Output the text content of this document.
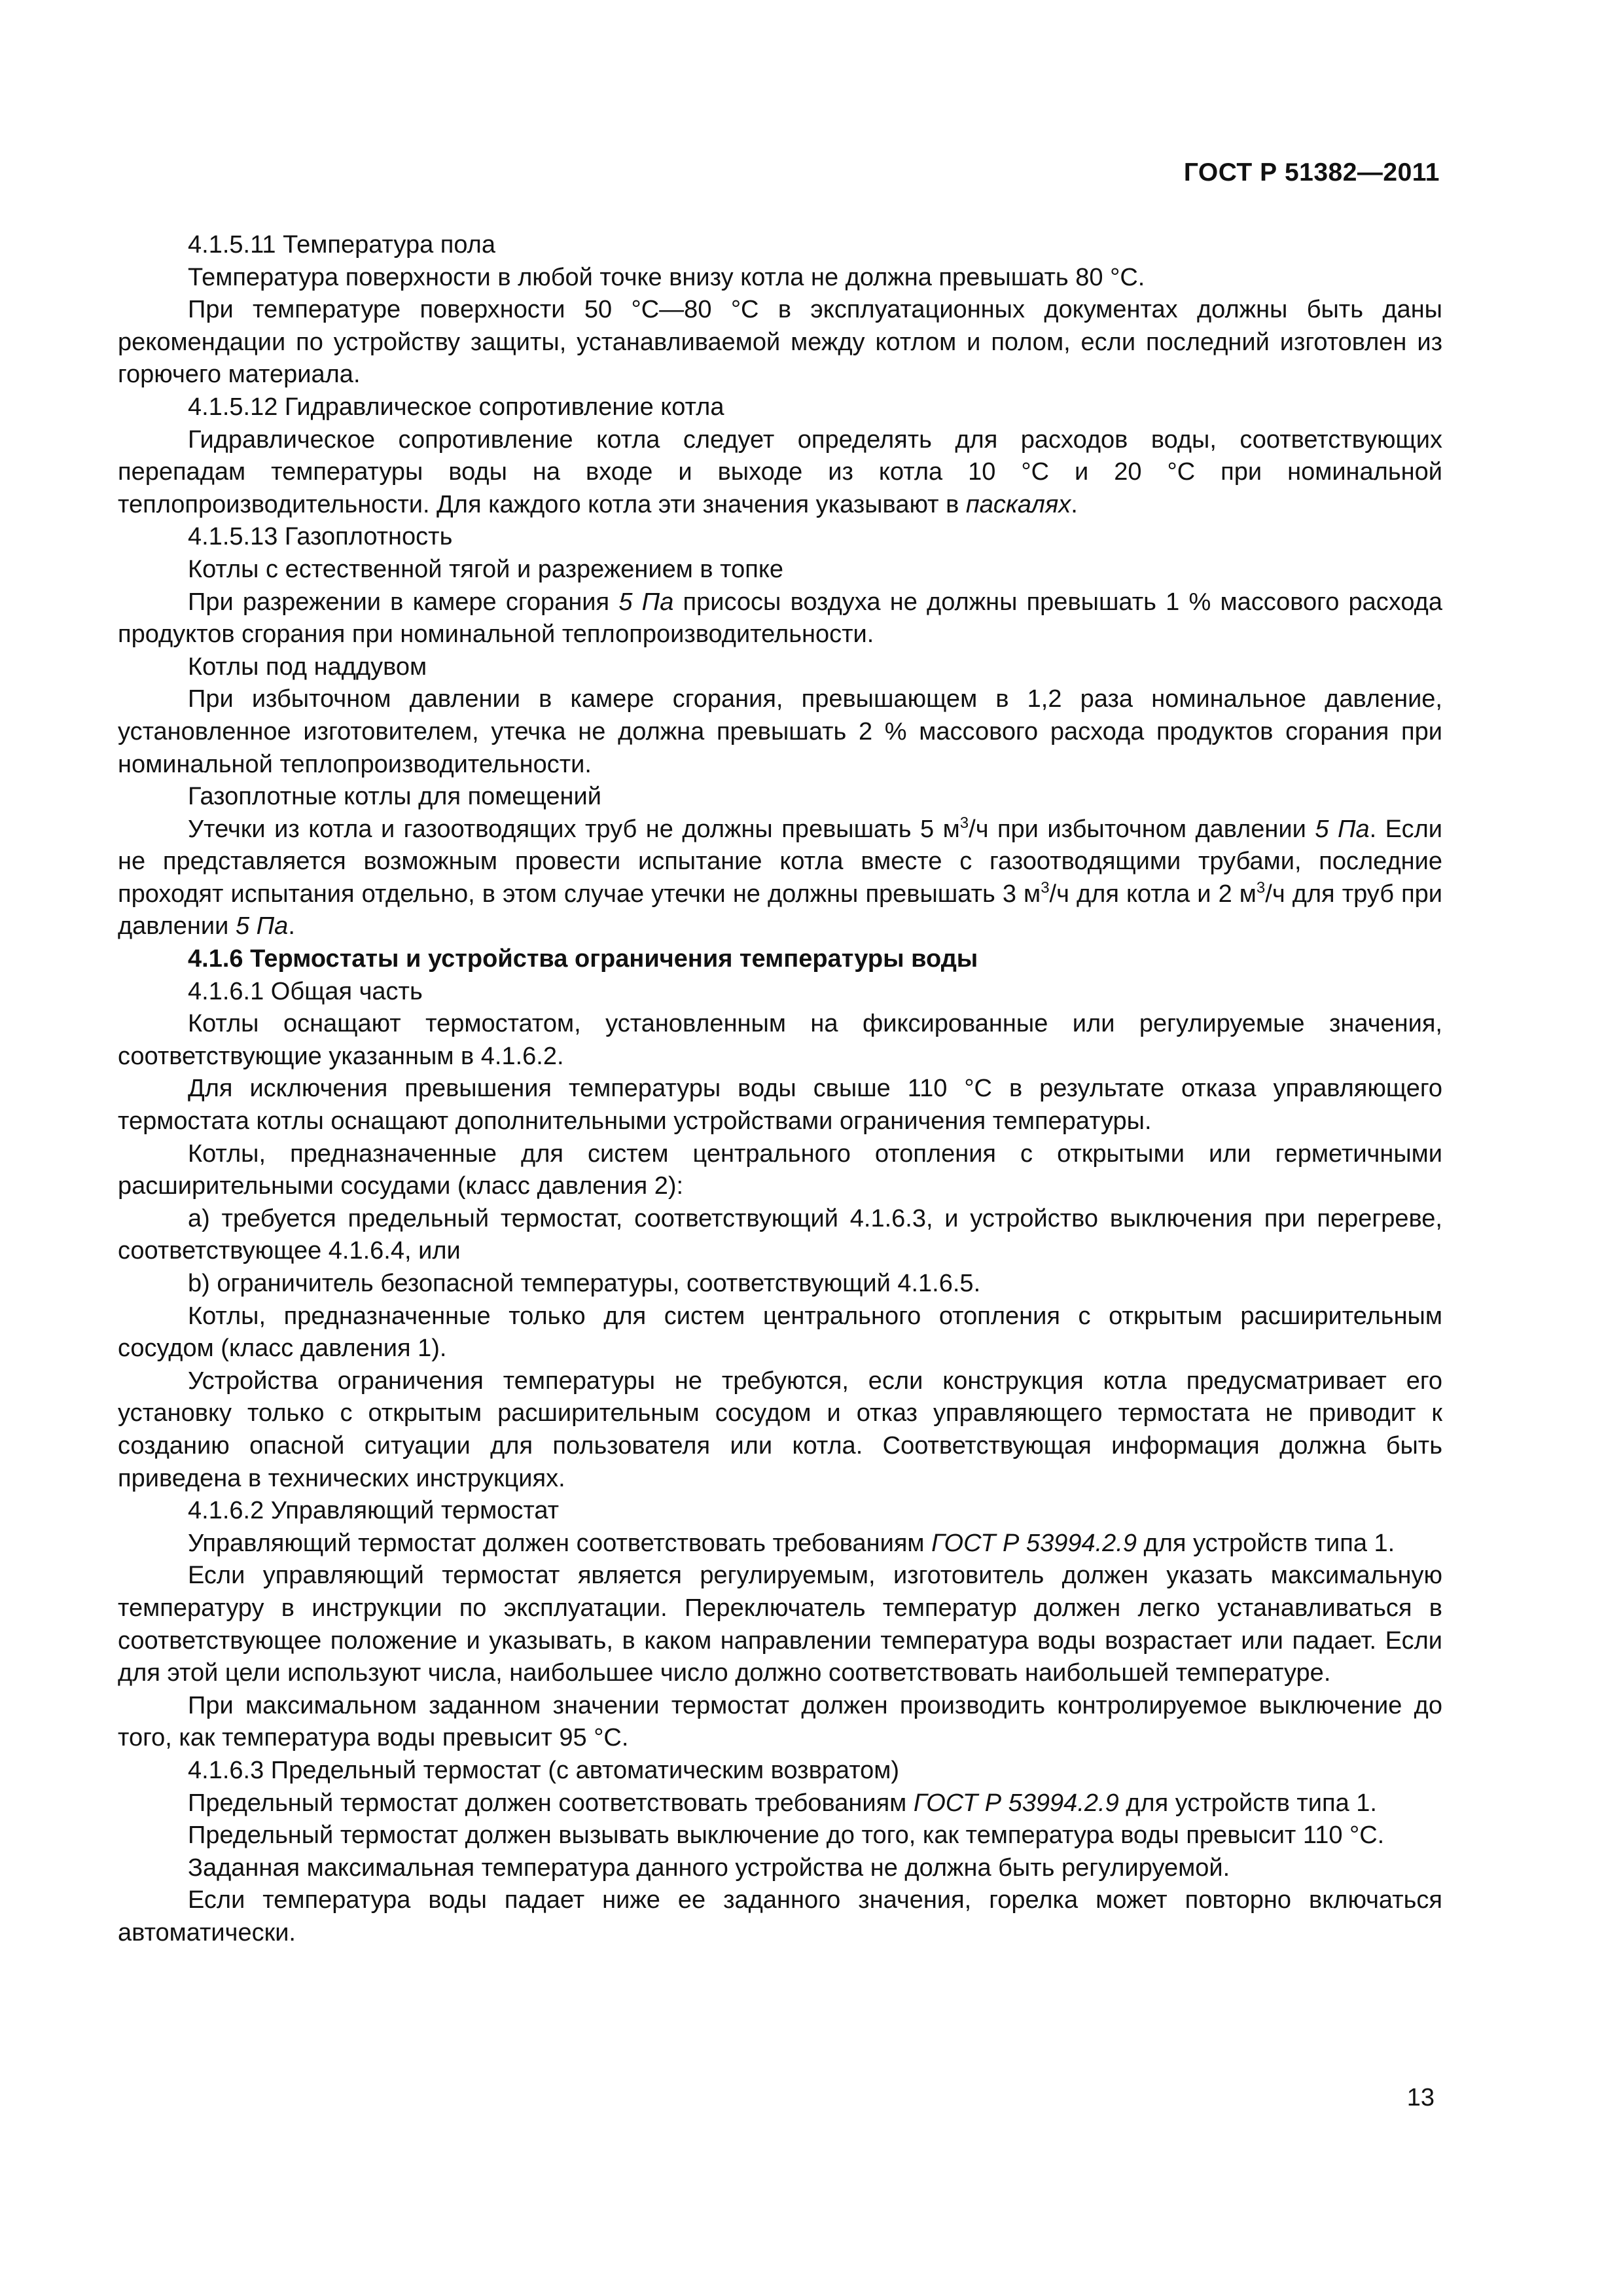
ГОСТ Р 51382—2011

4.1.5.11 Температура пола

Температура поверхности в любой точке внизу котла не должна превышать 80 °С.

При температуре поверхности 50 °С—80 °С в эксплуатационных документах должны быть даны рекомендации по устройству защиты, устанавливаемой между котлом и полом, если последний изготовлен из горючего материала.

4.1.5.12 Гидравлическое сопротивление котла

Гидравлическое сопротивление котла следует определять для расходов воды, соответствующих перепадам температуры воды на входе и выходе из котла 10 °С и 20 °С при номинальной теплопроизводительности. Для каждого котла эти значения указывают в паскалях.

4.1.5.13 Газоплотность

Котлы с естественной тягой и разрежением в топке

При разрежении в камере сгорания 5 Па присосы воздуха не должны превышать 1 % массового расхода продуктов сгорания при номинальной теплопроизводительности.

Котлы под наддувом

При избыточном давлении в камере сгорания, превышающем в 1,2 раза номинальное давление, установленное изготовителем, утечка не должна превышать 2 % массового расхода продуктов сгорания при номинальной теплопроизводительности.

Газоплотные котлы для помещений

Утечки из котла и газоотводящих труб не должны превышать 5 $м^3/ч$ при избыточном давлении 5 Па. Если не представляется возможным провести испытание котла вместе с газоотводящими трубами, последние проходят испытания отдельно, в этом случае утечки не должны превышать 3 $м^3/ч$ для котла и 2 $м^3/ч$ для труб при давлении 5 Па.

4.1.6 Термостаты и устройства ограничения температуры воды

4.1.6.1 Общая часть

Котлы оснащают термостатом, установленным на фиксированные или регулируемые значения, соответствующие указанным в 4.1.6.2.

Для исключения превышения температуры воды свыше 110 °С в результате отказа управляющего термостата котлы оснащают дополнительными устройствами ограничения температуры.

Котлы, предназначенные для систем центрального отопления с открытыми или герметичными расширительными сосудами (класс давления 2):

а) требуется предельный термостат, соответствующий 4.1.6.3, и устройство выключения при перегреве, соответствующее 4.1.6.4, или

b) ограничитель безопасной температуры, соответствующий 4.1.6.5.

Котлы, предназначенные только для систем центрального отопления с открытым расширительным сосудом (класс давления 1).

Устройства ограничения температуры не требуются, если конструкция котла предусматривает его установку только с открытым расширительным сосудом и отказ управляющего термостата не приводит к созданию опасной ситуации для пользователя или котла. Соответствующая информация должна быть приведена в технических инструкциях.

4.1.6.2 Управляющий термостат

Управляющий термостат должен соответствовать требованиям ГОСТ Р 53994.2.9 для устройств типа 1.

Если управляющий термостат является регулируемым, изготовитель должен указать максимальную температуру в инструкции по эксплуатации. Переключатель температур должен легко устанавливаться в соответствующее положение и указывать, в каком направлении температура воды возрастает или падает. Если для этой цели используют числа, наибольшее число должно соответствовать наибольшей температуре.

При максимальном заданном значении термостат должен производить контролируемое выключение до того, как температура воды превысит 95 °С.

4.1.6.3 Предельный термостат (с автоматическим возвратом)

Предельный термостат должен соответствовать требованиям ГОСТ Р 53994.2.9 для устройств типа 1.

Предельный термостат должен вызывать выключение до того, как температура воды превысит 110 °С.

Заданная максимальная температура данного устройства не должна быть регулируемой.

Если температура воды падает ниже ее заданного значения, горелка может повторно включаться автоматически.

13
